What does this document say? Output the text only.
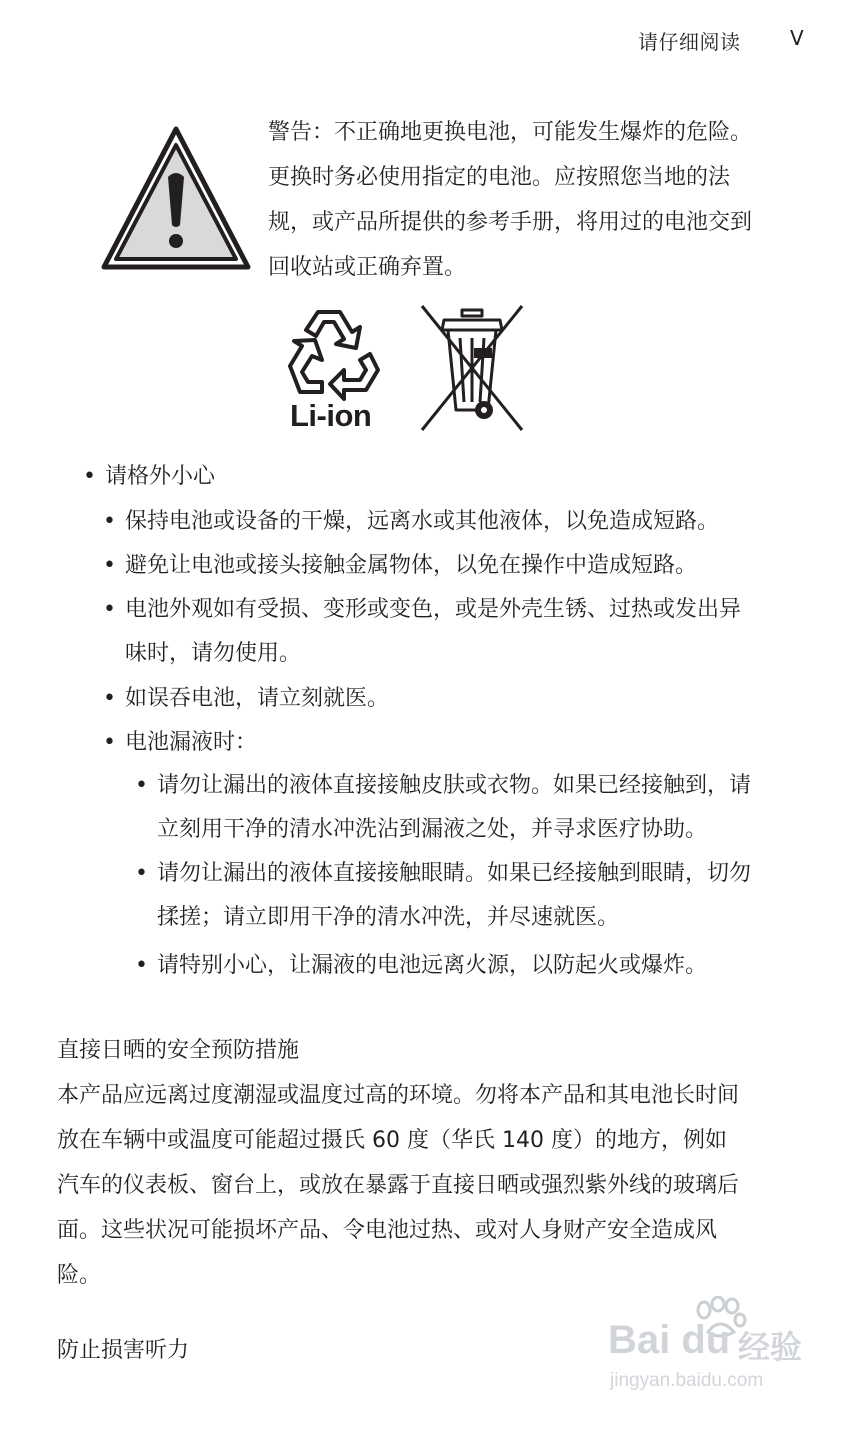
请仔细阅读 V

警告：不正确地更换电池，可能发生爆炸的危险。

更换时务必使用指定的电池。应按照您当地的法

规，或产品所提供的参考手册，将用过的电池交到

回收站或正确弃置。

Li-ion
• 请格外小心
• 保持电池或设备的干燥，远离水或其他液体，以免造成短路。
• 避免让电池或接头接触金属物体，以免在操作中造成短路。
• 电池外观如有受损、变形或变色，或是外壳生锈、过热或发出异
味时，请勿使用。
• 如误吞电池，请立刻就医。
• 电池漏液时：
• 请勿让漏出的液体直接接触皮肤或衣物。如果已经接触到，请
立刻用干净的清水冲洗沾到漏液之处，并寻求医疗协助。
• 请勿让漏出的液体直接接触眼睛。如果已经接触到眼睛，切勿
揉搓；请立即用干净的清水冲洗，并尽速就医。
• 请特别小心，让漏液的电池远离火源，以防起火或爆炸。

直接日晒的安全预防措施

本产品应远离过度潮湿或温度过高的环境。勿将本产品和其电池长时间

放在车辆中或温度可能超过摄氏 60 度（华氏 140 度）的地方，例如

汽车的仪表板、窗台上，或放在暴露于直接日晒或强烈紫外线的玻璃后

面。这些状况可能损坏产品、令电池过热、或对人身财产安全造成风

险。

防止损害听力	Bai du 经验
jingyan.baidu.com
